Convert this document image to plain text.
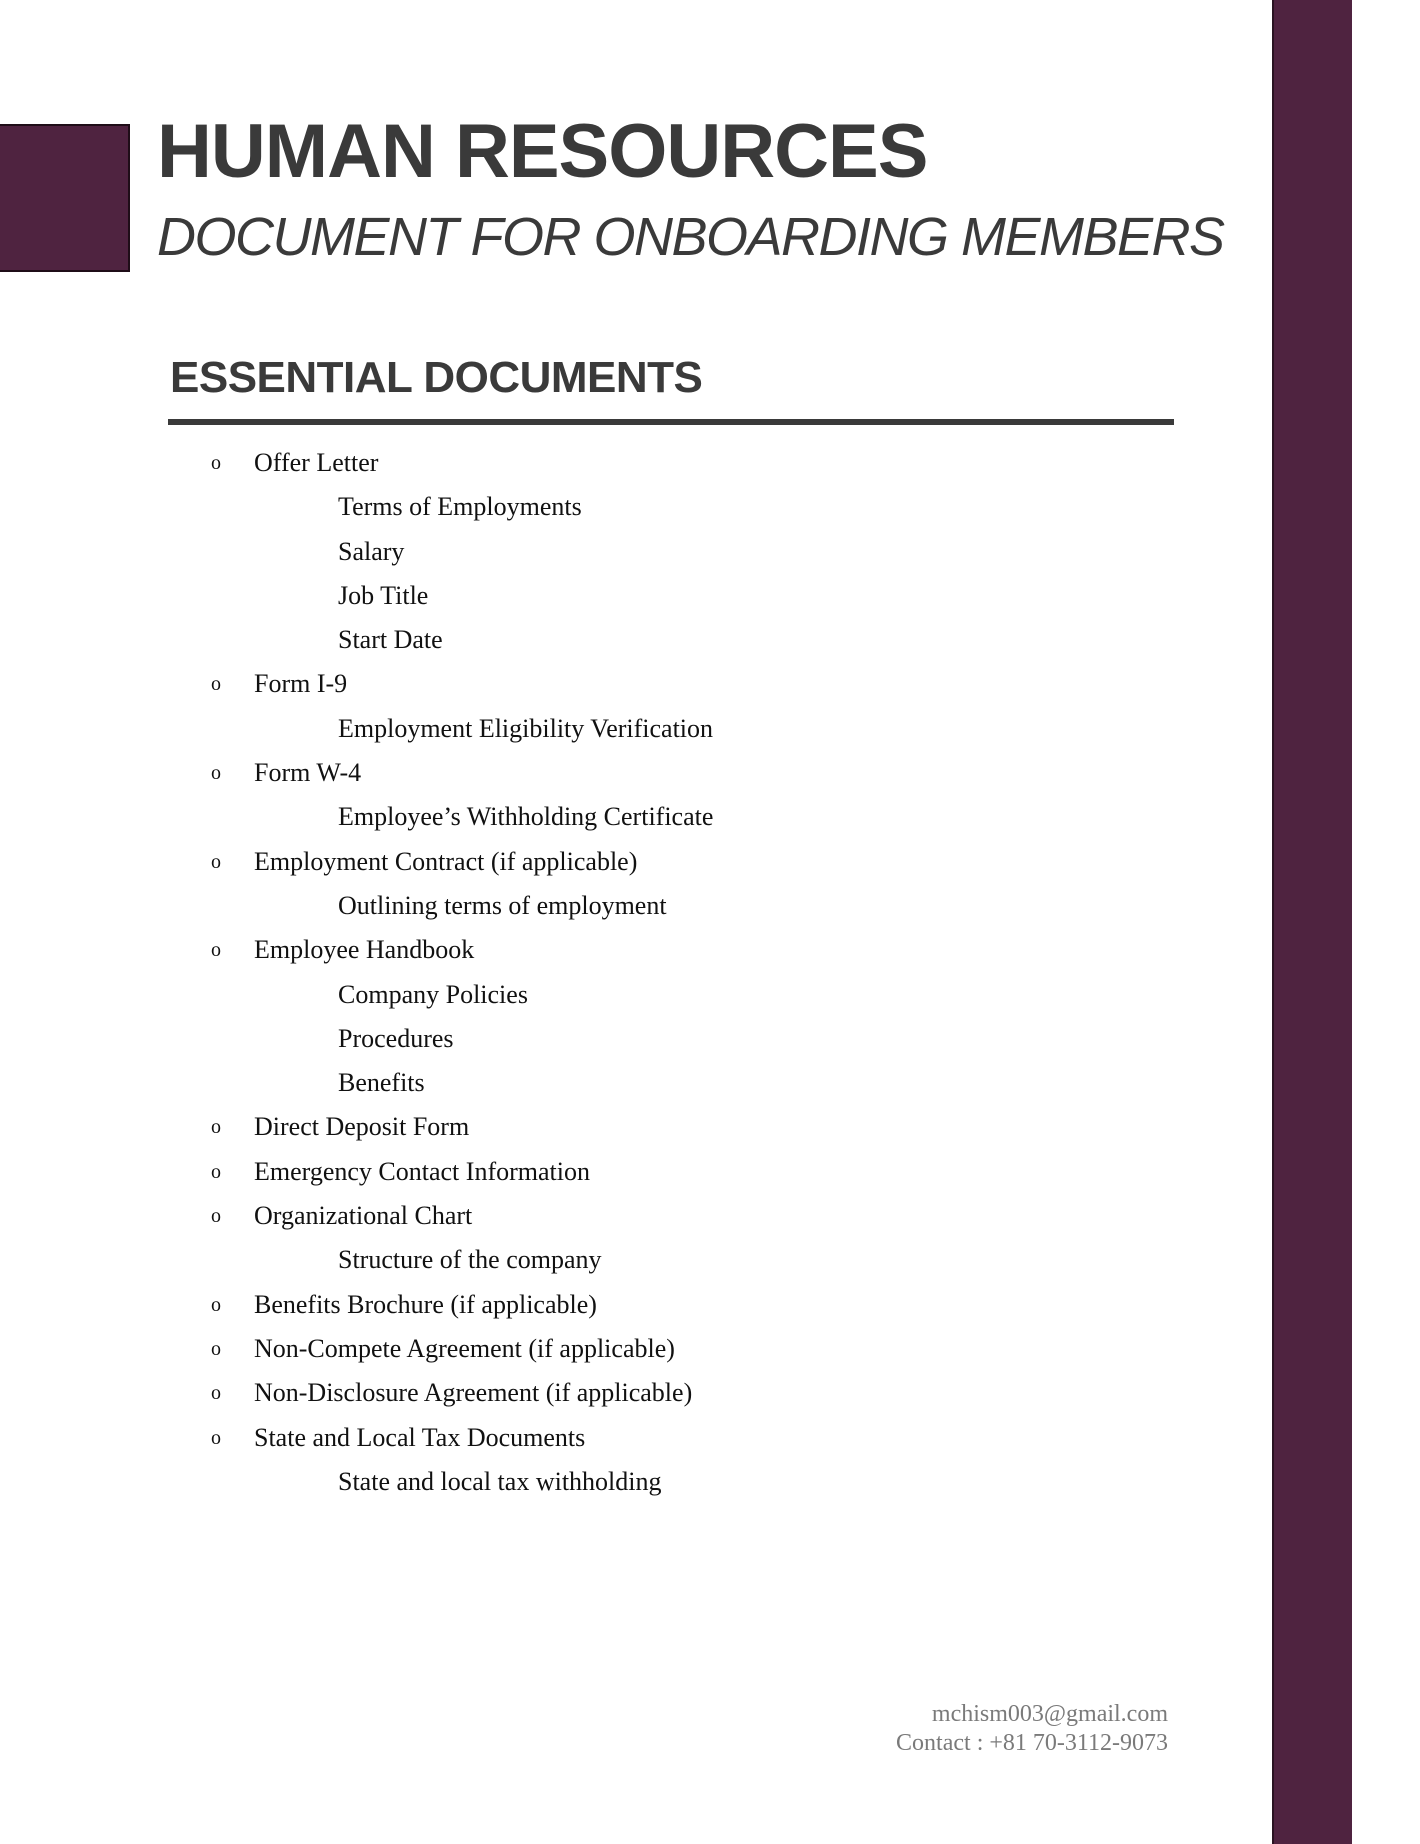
HUMAN RESOURCES
DOCUMENT FOR ONBOARDING MEMBERS
ESSENTIAL DOCUMENTS
o Offer Letter
Terms of Employments
Salary
Job Title
Start Date
o Form I-9
Employment Eligibility Verification
o Form W-4
Employee’s Withholding Certificate
o Employment Contract (if applicable)
Outlining terms of employment
o Employee Handbook
Company Policies
Procedures
Benefits
o Direct Deposit Form
o Emergency Contact Information
o Organizational Chart
Structure of the company
o Benefits Brochure (if applicable)
o Non-Compete Agreement (if applicable)
o Non-Disclosure Agreement (if applicable)
o State and Local Tax Documents
State and local tax withholding
mchism003@gmail.com
Contact : +81 70-3112-9073
